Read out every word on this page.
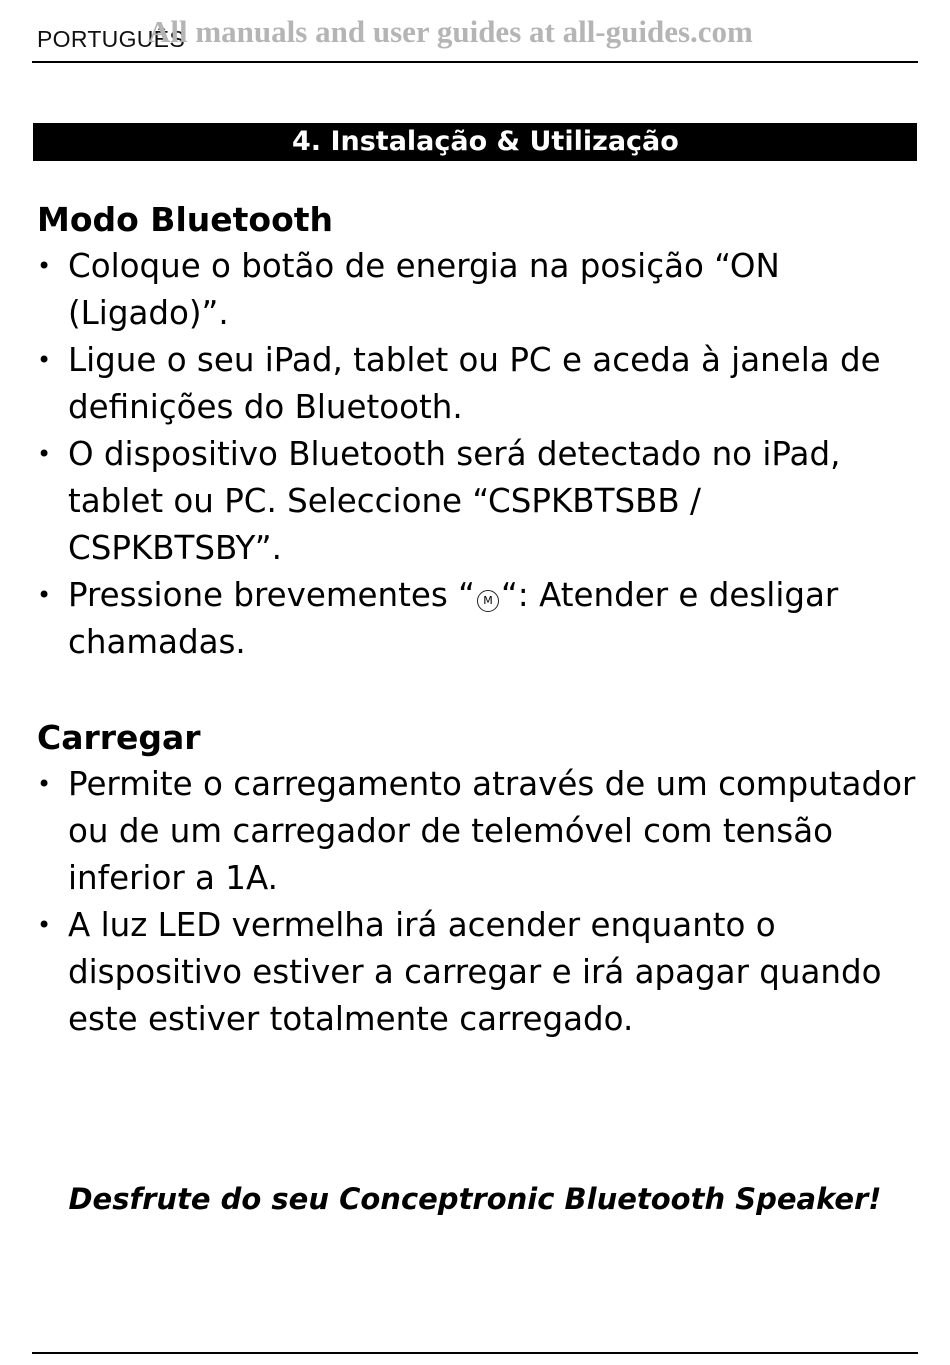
PORTUGUÊS
All manuals and user guides at all-guides.com
4. Instalação & Utilização
Modo Bluetooth
• Coloque o botão de energia na posição “ON (Ligado)”.
• Ligue o seu iPad, tablet ou PC e aceda à janela de definições do Bluetooth.
• O dispositivo Bluetooth será detectado no iPad, tablet ou PC. Seleccione “CSPKBTSBB / CSPKBTSBY”.
• Pressione brevementes “ M “: Atender e desligar chamadas.
Carregar
• Permite o carregamento através de um computador ou de um carregador de telemóvel com tensão inferior a 1A.
• A luz LED vermelha irá acender enquanto o dispositivo estiver a carregar e irá apagar quando este estiver totalmente carregado.
Desfrute do seu Conceptronic Bluetooth Speaker!
